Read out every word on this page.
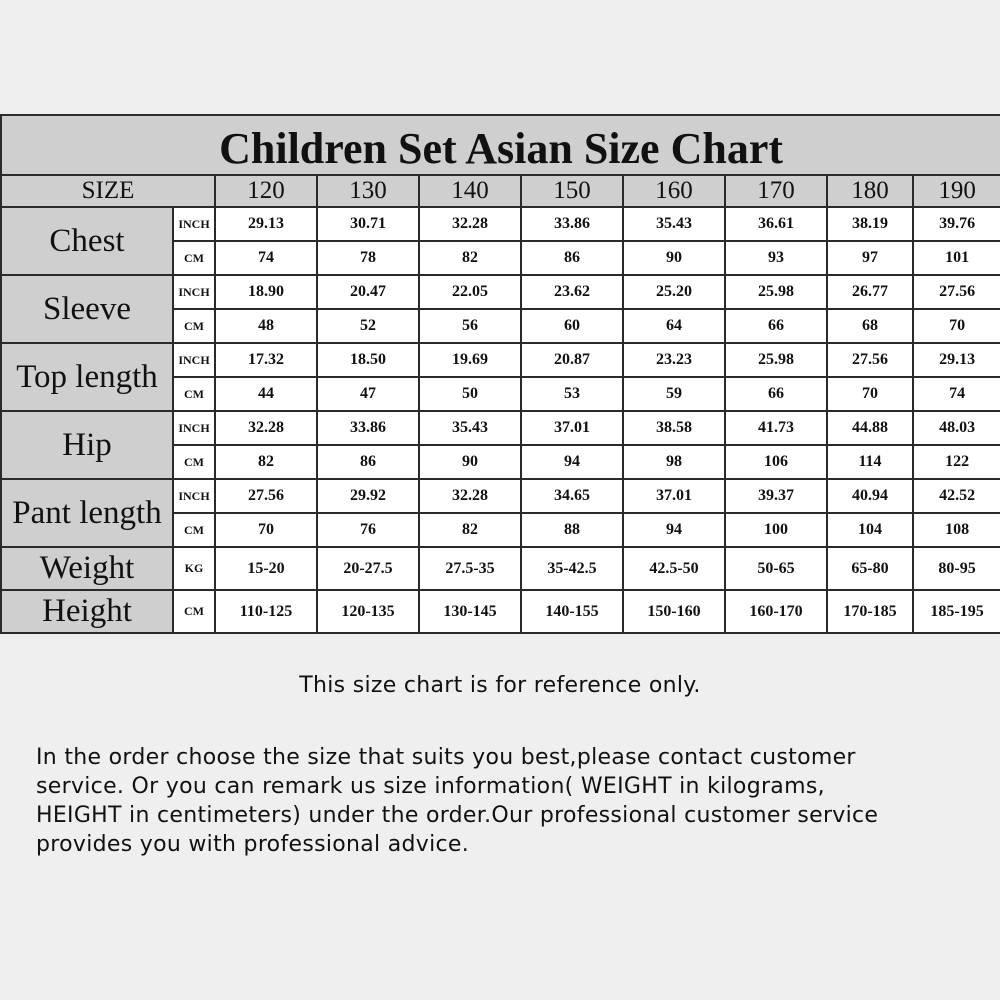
Children Set Asian Size Chart									
SIZE		120	130	140	150	160	170	180	190
Chest	INCH	29.13	30.71	32.28	33.86	35.43	36.61	38.19	39.76
	CM	74	78	82	86	90	93	97	101
Sleeve	INCH	18.90	20.47	22.05	23.62	25.20	25.98	26.77	27.56
	CM	48	52	56	60	64	66	68	70
Top length	INCH	17.32	18.50	19.69	20.87	23.23	25.98	27.56	29.13
	CM	44	47	50	53	59	66	70	74
Hip	INCH	32.28	33.86	35.43	37.01	38.58	41.73	44.88	48.03
	CM	82	86	90	94	98	106	114	122
Pant length	INCH	27.56	29.92	32.28	34.65	37.01	39.37	40.94	42.52
	CM	70	76	82	88	94	100	104	108
Weight	KG	15-20	20-27.5	27.5-35	35-42.5	42.5-50	50-65	65-80	80-95
Height	CM	110-125	120-135	130-145	140-155	150-160	160-170	170-185	185-195
This size chart is for reference only.
In the order choose the size that suits you best,please contact customer
service. Or you can remark us size information( WEIGHT in kilograms,
HEIGHT in centimeters) under the order.Our professional customer service
provides you with professional advice.
